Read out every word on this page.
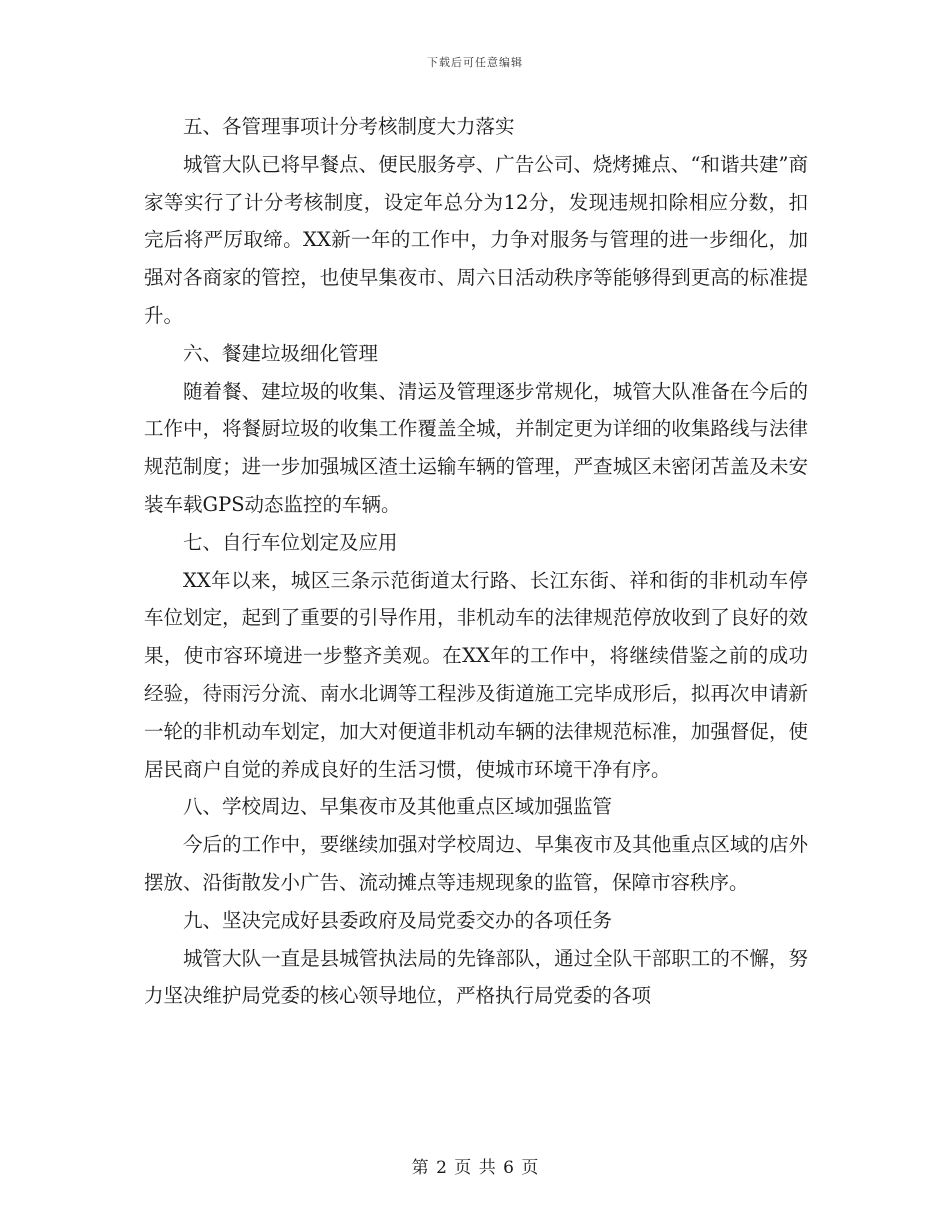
下载后可任意编辑

五、各管理事项计分考核制度大力落实

城管大队已将早餐点、便民服务亭、广告公司、烧烤摊点、“和谐共建”商家等实行了计分考核制度，设定年总分为12分，发现违规扣除相应分数，扣完后将严厉取缔。XX新一年的工作中，力争对服务与管理的进一步细化，加强对各商家的管控，也使早集夜市、周六日活动秩序等能够得到更高的标准提升。

六、餐建垃圾细化管理

随着餐、建垃圾的收集、清运及管理逐步常规化，城管大队准备在今后的工作中，将餐厨垃圾的收集工作覆盖全城，并制定更为详细的收集路线与法律规范制度；进一步加强城区渣土运输车辆的管理，严查城区未密闭苫盖及未安装车载GPS动态监控的车辆。

七、自行车位划定及应用

XX年以来，城区三条示范街道太行路、长江东街、祥和街的非机动车停车位划定，起到了重要的引导作用，非机动车的法律规范停放收到了良好的效果，使市容环境进一步整齐美观。在XX年的工作中，将继续借鉴之前的成功经验，待雨污分流、南水北调等工程涉及街道施工完毕成形后，拟再次申请新一轮的非机动车划定，加大对便道非机动车辆的法律规范标准，加强督促，使居民商户自觉的养成良好的生活习惯，使城市环境干净有序。

八、学校周边、早集夜市及其他重点区域加强监管

今后的工作中，要继续加强对学校周边、早集夜市及其他重点区域的店外摆放、沿街散发小广告、流动摊点等违规现象的监管，保障市容秩序。

九、坚决完成好县委政府及局党委交办的各项任务

城管大队一直是县城管执法局的先锋部队，通过全队干部职工的不懈，努力坚决维护局党委的核心领导地位，严格执行局党委的各项

第 2 页 共 6 页
